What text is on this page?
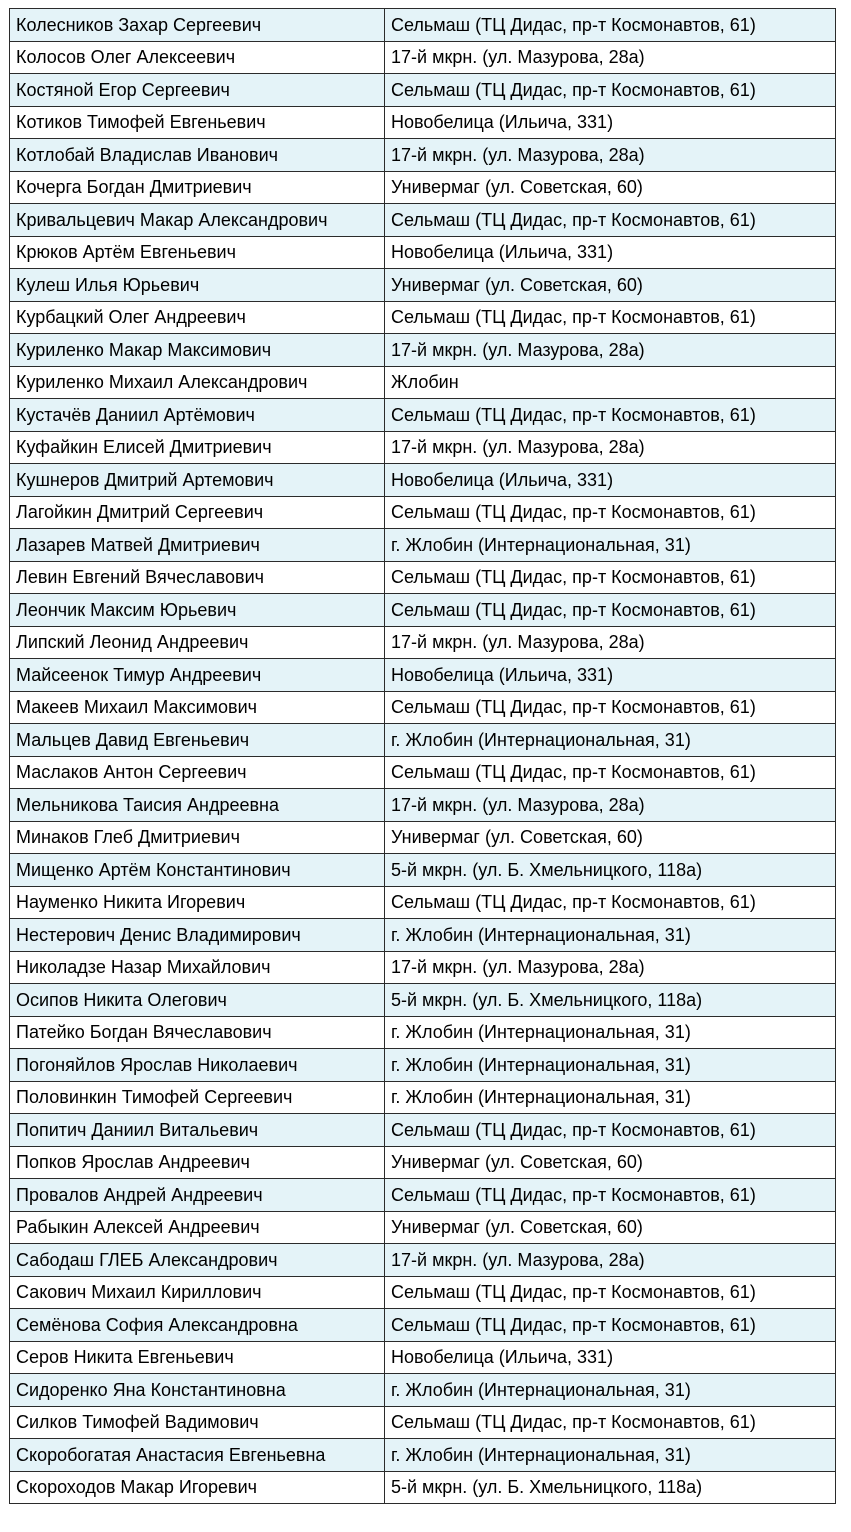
Колесников Захар Сергеевич	Сельмаш (ТЦ Дидас, пр-т Космонавтов, 61)
Колосов Олег Алексеевич	17-й мкрн. (ул. Мазурова, 28а)
Костяной Егор Сергеевич	Сельмаш (ТЦ Дидас, пр-т Космонавтов, 61)
Котиков Тимофей Евгеньевич	Новобелица (Ильича, 331)
Котлобай Владислав Иванович	17-й мкрн. (ул. Мазурова, 28а)
Кочерга Богдан Дмитриевич	Универмаг (ул. Советская, 60)
Кривальцевич Макар Александрович	Сельмаш (ТЦ Дидас, пр-т Космонавтов, 61)
Крюков Артём Евгеньевич	Новобелица (Ильича, 331)
Кулеш Илья Юрьевич	Универмаг (ул. Советская, 60)
Курбацкий Олег Андреевич	Сельмаш (ТЦ Дидас, пр-т Космонавтов, 61)
Куриленко Макар Максимович	17-й мкрн. (ул. Мазурова, 28а)
Куриленко Михаил Александрович	Жлобин
Кустачёв Даниил Артёмович	Сельмаш (ТЦ Дидас, пр-т Космонавтов, 61)
Куфайкин Елисей Дмитриевич	17-й мкрн. (ул. Мазурова, 28а)
Кушнеров Дмитрий Артемович	Новобелица (Ильича, 331)
Лагойкин Дмитрий Сергеевич	Сельмаш (ТЦ Дидас, пр-т Космонавтов, 61)
Лазарев Матвей Дмитриевич	г. Жлобин (Интернациональная, 31)
Левин Евгений Вячеславович	Сельмаш (ТЦ Дидас, пр-т Космонавтов, 61)
Леончик Максим Юрьевич	Сельмаш (ТЦ Дидас, пр-т Космонавтов, 61)
Липский Леонид Андреевич	17-й мкрн. (ул. Мазурова, 28а)
Майсеенок Тимур Андреевич	Новобелица (Ильича, 331)
Макеев Михаил Максимович	Сельмаш (ТЦ Дидас, пр-т Космонавтов, 61)
Мальцев Давид Евгеньевич	г. Жлобин (Интернациональная, 31)
Маслаков Антон Сергеевич	Сельмаш (ТЦ Дидас, пр-т Космонавтов, 61)
Мельникова Таисия Андреевна	17-й мкрн. (ул. Мазурова, 28а)
Минаков Глеб Дмитриевич	Универмаг (ул. Советская, 60)
Мищенко Артём Константинович	5-й мкрн. (ул. Б. Хмельницкого, 118а)
Науменко Никита Игоревич	Сельмаш (ТЦ Дидас, пр-т Космонавтов, 61)
Нестерович Денис Владимирович	г. Жлобин (Интернациональная, 31)
Николадзе Назар Михайлович	17-й мкрн. (ул. Мазурова, 28а)
Осипов Никита Олегович	5-й мкрн. (ул. Б. Хмельницкого, 118а)
Патейко Богдан Вячеславович	г. Жлобин (Интернациональная, 31)
Погоняйлов Ярослав Николаевич	г. Жлобин (Интернациональная, 31)
Половинкин Тимофей Сергеевич	г. Жлобин (Интернациональная, 31)
Попитич Даниил Витальевич	Сельмаш (ТЦ Дидас, пр-т Космонавтов, 61)
Попков Ярослав Андреевич	Универмаг (ул. Советская, 60)
Провалов Андрей Андреевич	Сельмаш (ТЦ Дидас, пр-т Космонавтов, 61)
Рабыкин Алексей Андреевич	Универмаг (ул. Советская, 60)
Сабодаш ГЛЕБ Александрович	17-й мкрн. (ул. Мазурова, 28а)
Сакович Михаил Кириллович	Сельмаш (ТЦ Дидас, пр-т Космонавтов, 61)
Семёнова София Александровна	Сельмаш (ТЦ Дидас, пр-т Космонавтов, 61)
Серов Никита Евгеньевич	Новобелица (Ильича, 331)
Сидоренко Яна Константиновна	г. Жлобин (Интернациональная, 31)
Силков Тимофей Вадимович	Сельмаш (ТЦ Дидас, пр-т Космонавтов, 61)
Скоробогатая Анастасия Евгеньевна	г. Жлобин (Интернациональная, 31)
Скороходов Макар Игоревич	5-й мкрн. (ул. Б. Хмельницкого, 118а)
